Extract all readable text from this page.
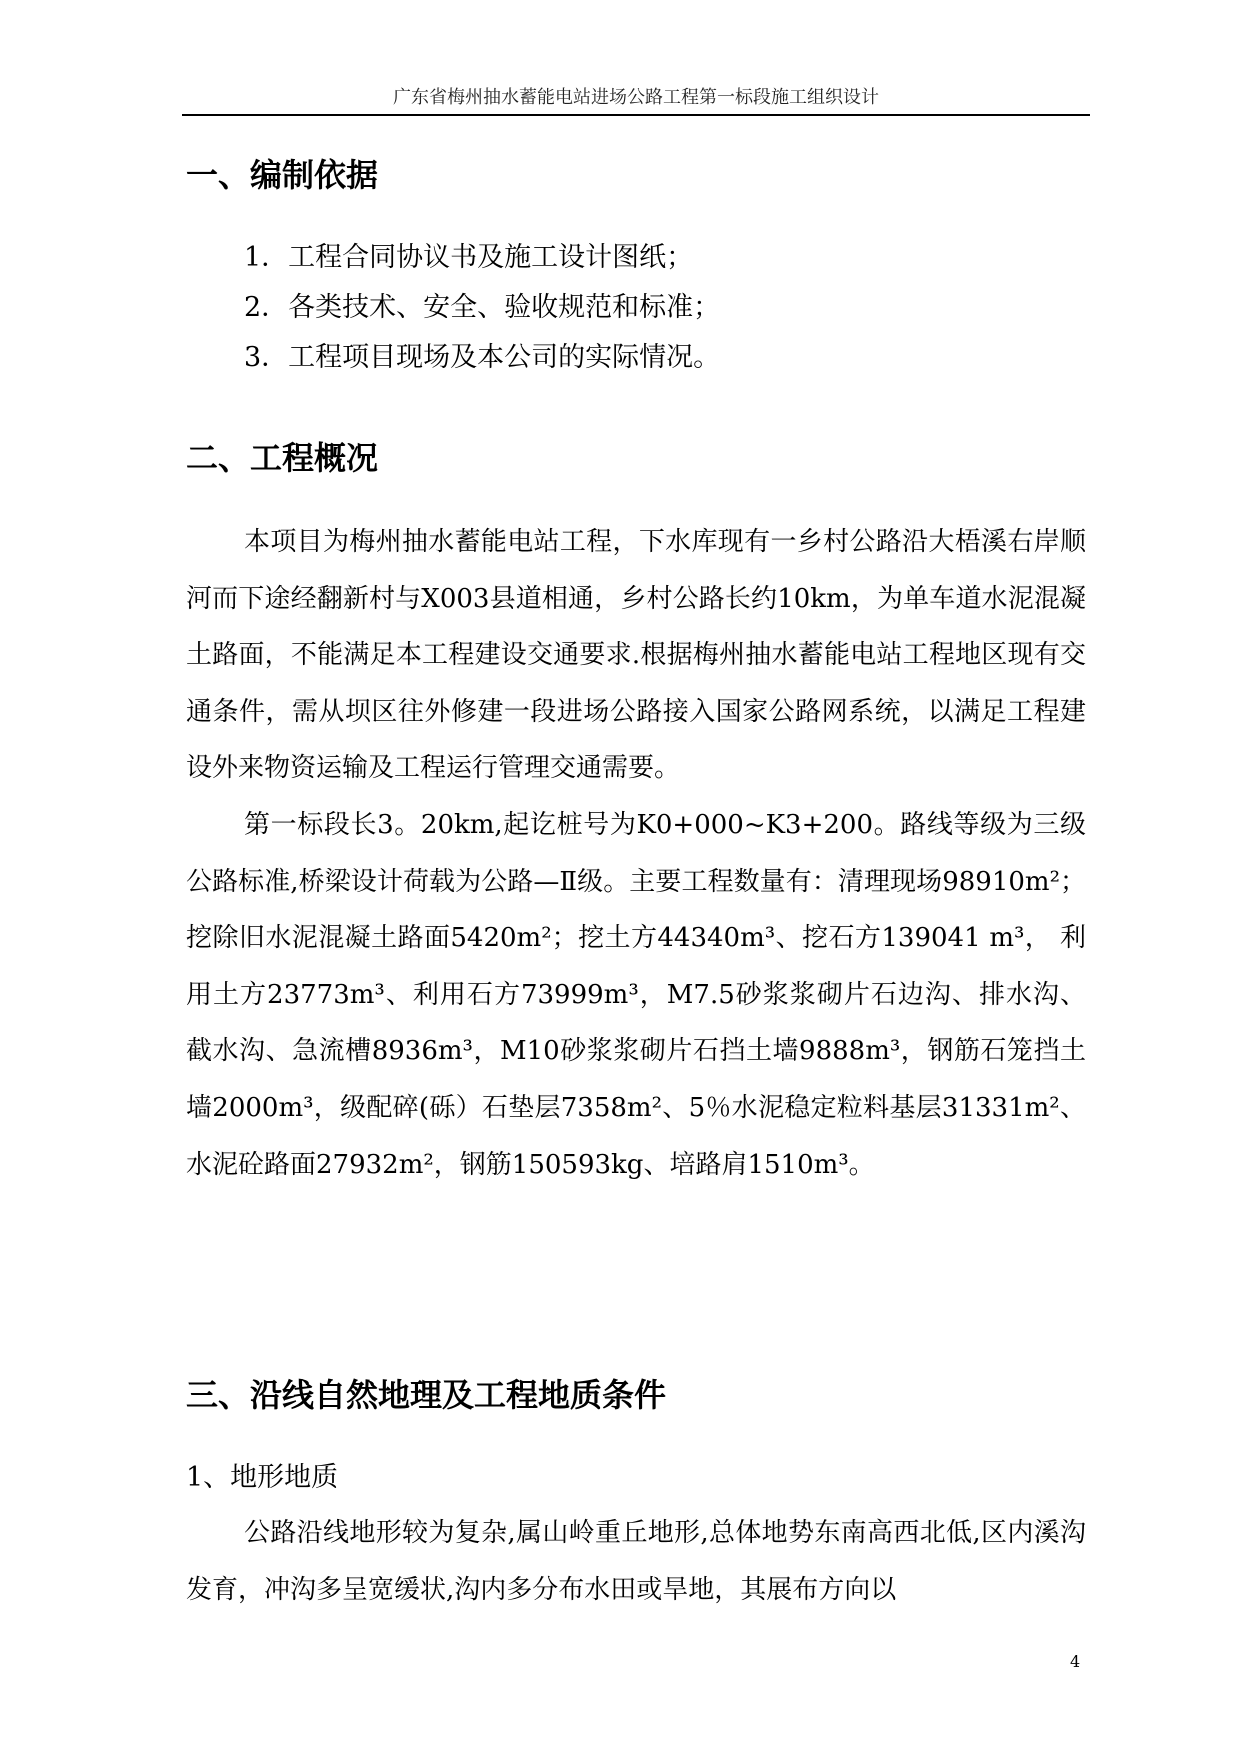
广东省梅州抽水蓄能电站进场公路工程第一标段施工组织设计
一、编制依据

1．工程合同协议书及施工设计图纸；

2．各类技术、安全、验收规范和标准；

3．工程项目现场及本公司的实际情况。

二、工程概况

本项目为梅州抽水蓄能电站工程，下水库现有一乡村公路沿大梧溪右岸顺河而下途经翻新村与X003县道相通，乡村公路长约10km，为单车道水泥混凝土路面，不能满足本工程建设交通要求.根据梅州抽水蓄能电站工程地区现有交通条件，需从坝区往外修建一段进场公路接入国家公路网系统，以满足工程建设外来物资运输及工程运行管理交通需要。

第一标段长3。20km,起讫桩号为K0+000~K3+200。路线等级为三级公路标准,桥梁设计荷载为公路—Ⅱ级。主要工程数量有：清理现场98910m²；挖除旧水泥混凝土路面5420m²；挖土方44340m³、挖石方139041 m³， 利用土方23773m³、利用石方73999m³，M7.5砂浆浆砌片石边沟、排水沟、截水沟、急流槽8936m³，M10砂浆浆砌片石挡土墙9888m³，钢筋石笼挡土墙2000m³，级配碎(砾）石垫层7358m²、5％水泥稳定粒料基层31331m²、水泥砼路面27932m²，钢筋150593kg、培路肩1510m³。

三、沿线自然地理及工程地质条件

1、地形地质

公路沿线地形较为复杂,属山岭重丘地形,总体地势东南高西北低,区内溪沟发育，冲沟多呈宽缓状,沟内多分布水田或旱地，其展布方向以

4
